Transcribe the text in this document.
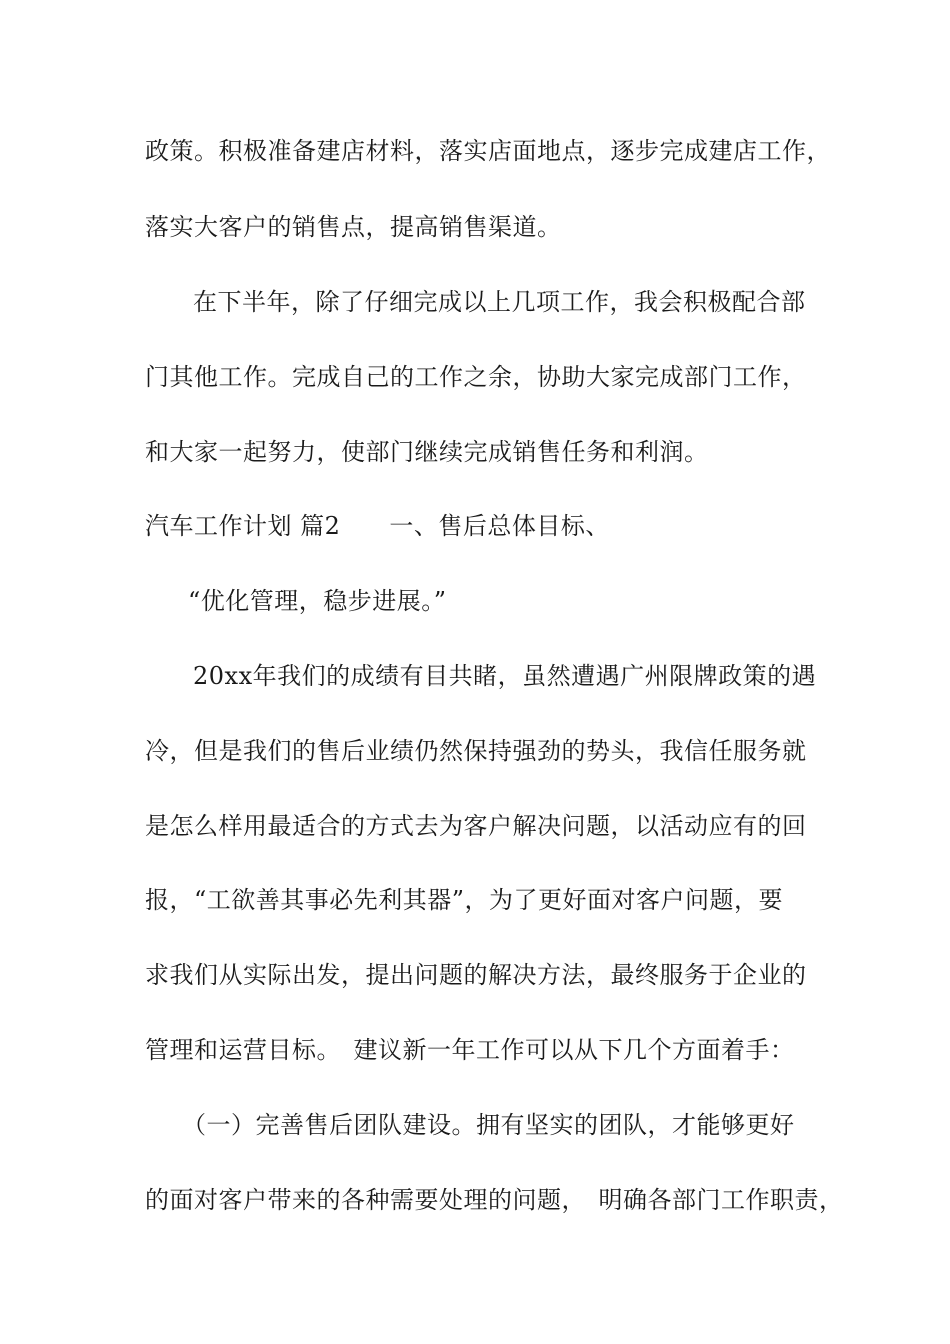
政策。积极准备建店材料，落实店面地点，逐步完成建店工作，
落实大客户的销售点，提高销售渠道。
在下半年，除了仔细完成以上几项工作，我会积极配合部
门其他工作。完成自己的工作之余，协助大家完成部门工作，
和大家一起努力，使部门继续完成销售任务和利润。
汽车工作计划 篇2　　一、售后总体目标、
“优化管理，稳步进展。”
20xx年我们的成绩有目共睹，虽然遭遇广州限牌政策的遇
冷，但是我们的售后业绩仍然保持强劲的势头，我信任服务就
是怎么样用最适合的方式去为客户解决问题，以活动应有的回
报，“工欲善其事必先利其器”，为了更好面对客户问题，要
求我们从实际出发，提出问题的解决方法，最终服务于企业的
管理和运营目标。　建议新一年工作可以从下几个方面着手：
（一）完善售后团队建设。拥有坚实的团队，才能够更好
的面对客户带来的各种需要处理的问题，　明确各部门工作职责，
